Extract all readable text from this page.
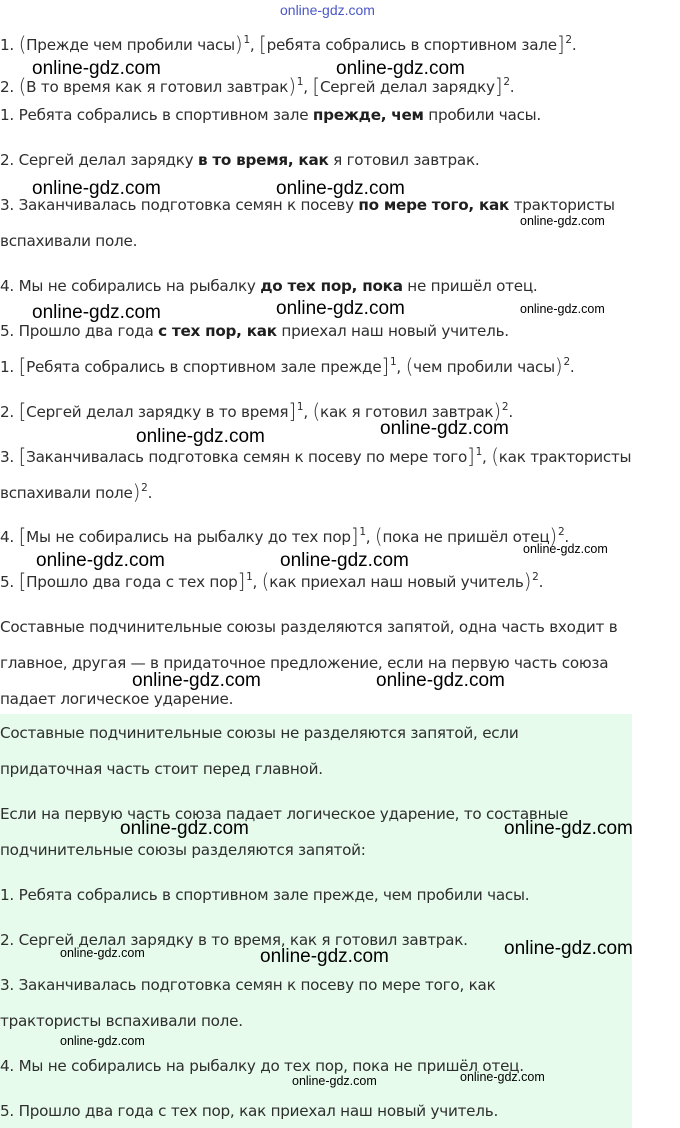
online-gdz.com
1. (Прежде чем пробили часы)$^1$, [ребята собрались в спортивном зале]$^2$.
2. (В то время как я готовил завтрак)$^1$, [Сергей делал зарядку]$^2$.
1. Ребята собрались в спортивном зале прежде, чем пробили часы.
2. Сергей делал зарядку в то время, как я готовил завтрак.
3. Заканчивалась подготовка семян к посеву по мере того, как трактористы
вспахивали поле.
4. Мы не собирались на рыбалку до тех пор, пока не пришёл отец.
5. Прошло два года с тех пор, как приехал наш новый учитель.
1. [Ребята собрались в спортивном зале прежде]$^1$, (чем пробили часы)$^2$.
2. [Сергей делал зарядку в то время]$^1$, (как я готовил завтрак)$^2$.
3. [Заканчивалась подготовка семян к посеву по мере того]$^1$, (как трактористы
вспахивали поле)$^2$.
4. [Мы не собирались на рыбалку до тех пор]$^1$, (пока не пришёл отец)$^2$.
5. [Прошло два года с тех пор]$^1$, (как приехал наш новый учитель)$^2$.
Составные подчинительные союзы разделяются запятой, одна часть входит в
главное, другая — в придаточное предложение, если на первую часть союза
падает логическое ударение.
Составные подчинительные союзы не разделяются запятой, если
придаточная часть стоит перед главной.
Если на первую часть союза падает логическое ударение, то составные
подчинительные союзы разделяются запятой:
1. Ребята собрались в спортивном зале прежде, чем пробили часы.
2. Сергей делал зарядку в то время, как я готовил завтрак.
3. Заканчивалась подготовка семян к посеву по мере того, как
трактористы вспахивали поле.
4. Мы не собирались на рыбалку до тех пор, пока не пришёл отец.
5. Прошло два года с тех пор, как приехал наш новый учитель.
online-gdz.com	online-gdz.com
online-gdz.com	online-gdz.com
online-gdz.com
online-gdz.com	online-gdz.com	online-gdz.com
online-gdz.com	online-gdz.com
online-gdz.com	online-gdz.com
online-gdz.com
online-gdz.com	online-gdz.com
online-gdz.com	online-gdz.com
online-gdz.com	online-gdz.com	online-gdz.com
online-gdz.com
online-gdz.com	online-gdz.com
